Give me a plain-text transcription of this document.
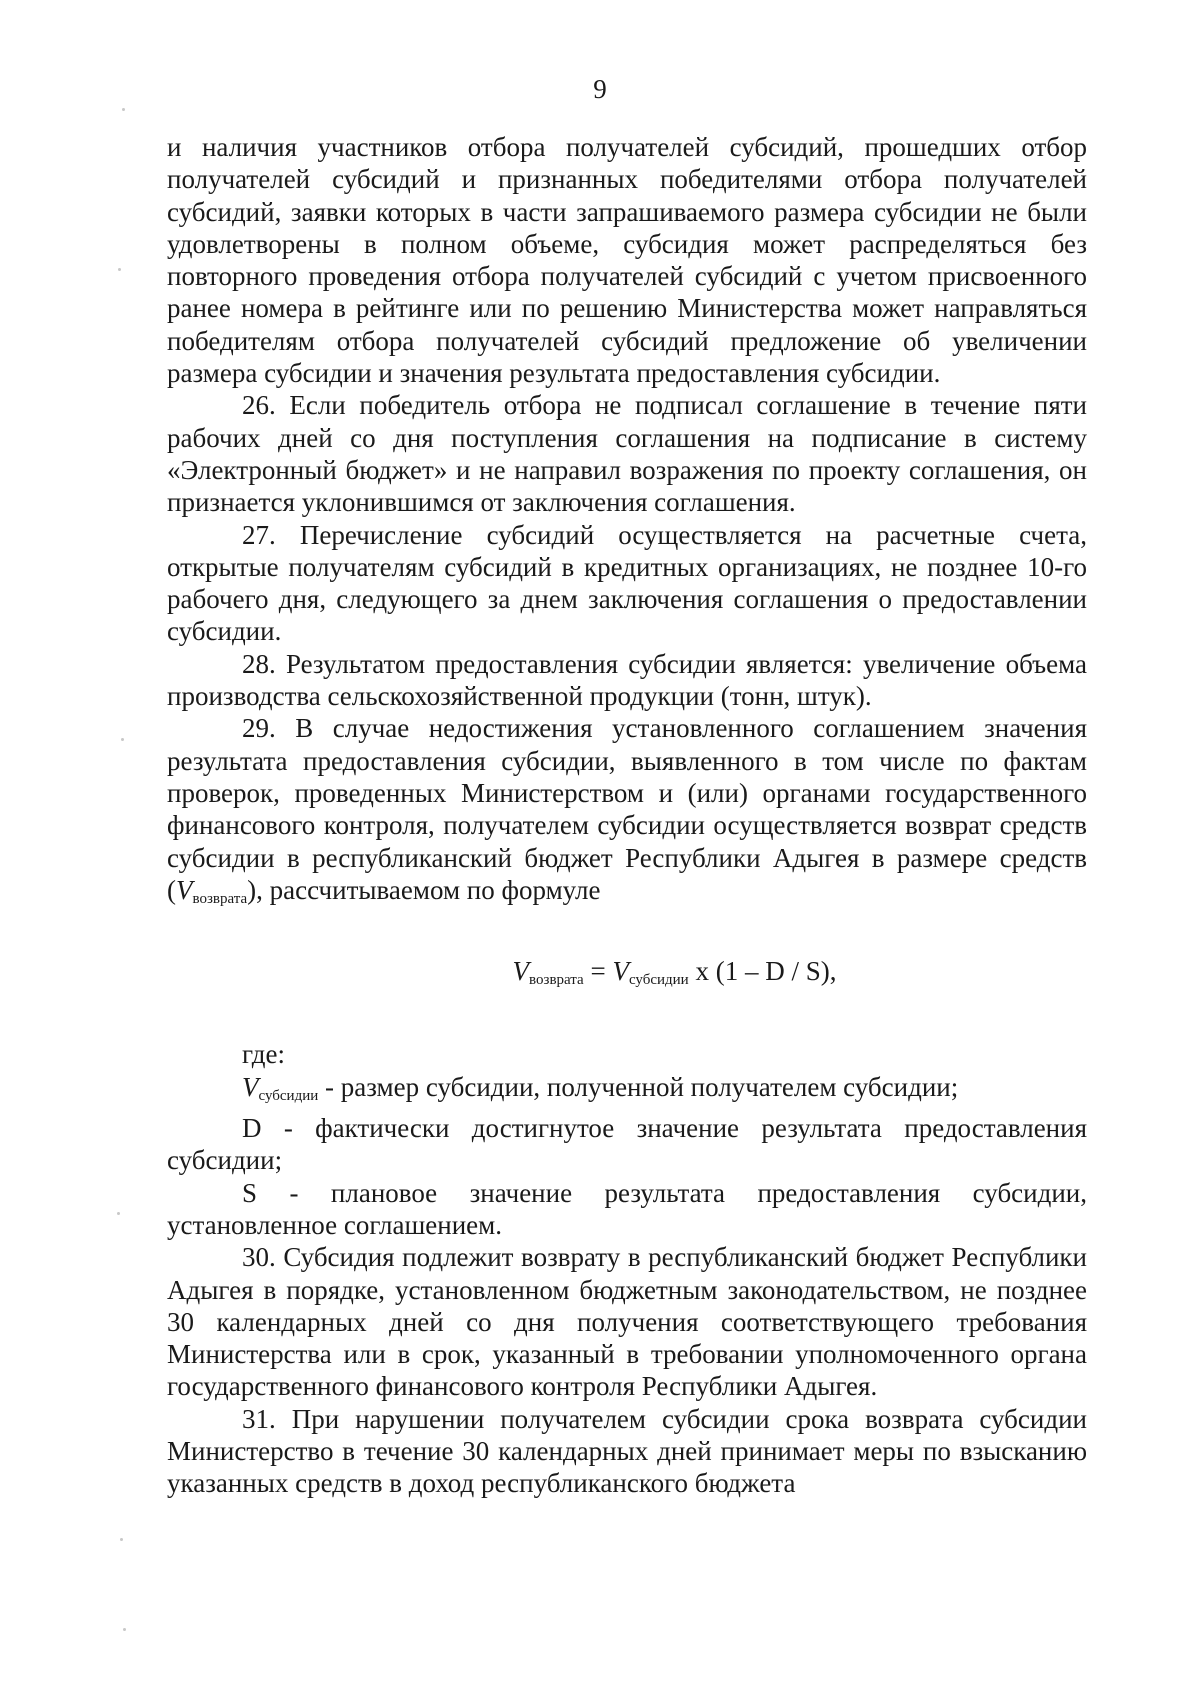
9

и наличия участников отбора получателей субсидий, прошедших отбор получателей субсидий и признанных победителями отбора получателей субсидий, заявки которых в части запрашиваемого размера субсидии не были удовлетворены в полном объеме, субсидия может распределяться без повторного проведения отбора получателей субсидий с учетом присвоенного ранее номера в рейтинге или по решению Министерства может направляться победителям отбора получателей субсидий предложение об увеличении размера субсидии и значения результата предоставления субсидии.

26. Если победитель отбора не подписал соглашение в течение пяти рабочих дней со дня поступления соглашения на подписание в систему «Электронный бюджет» и не направил возражения по проекту соглашения, он признается уклонившимся от заключения соглашения.

27. Перечисление субсидий осуществляется на расчетные счета, открытые получателям субсидий в кредитных организациях, не позднее 10-го рабочего дня, следующего за днем заключения соглашения о предоставлении субсидии.

28. Результатом предоставления субсидии является: увеличение объема производства сельскохозяйственной продукции (тонн, штук).

29. В случае недостижения установленного соглашением значения результата предоставления субсидии, выявленного в том числе по фактам проверок, проведенных Министерством и (или) органами государственного финансового контроля, получателем субсидии осуществляется возврат средств субсидии в республиканский бюджет Республики Адыгея в размере средств $(V_{возврата})$, рассчитываемом по формуле

$V_{возврата} = V_{субсидии}$ x (1 – D / S),

где:

$V_{субсидии}$ - размер субсидии, полученной получателем субсидии;

D - фактически достигнутое значение результата предоставления субсидии;

S - плановое значение результата предоставления субсидии, установленное соглашением.

30. Субсидия подлежит возврату в республиканский бюджет Республики Адыгея в порядке, установленном бюджетным законодательством, не позднее 30 календарных дней со дня получения соответствующего требования Министерства или в срок, указанный в требовании уполномоченного органа государственного финансового контроля Республики Адыгея.

31. При нарушении получателем субсидии срока возврата субсидии Министерство в течение 30 календарных дней принимает меры по взысканию указанных средств в доход республиканского бюджета
